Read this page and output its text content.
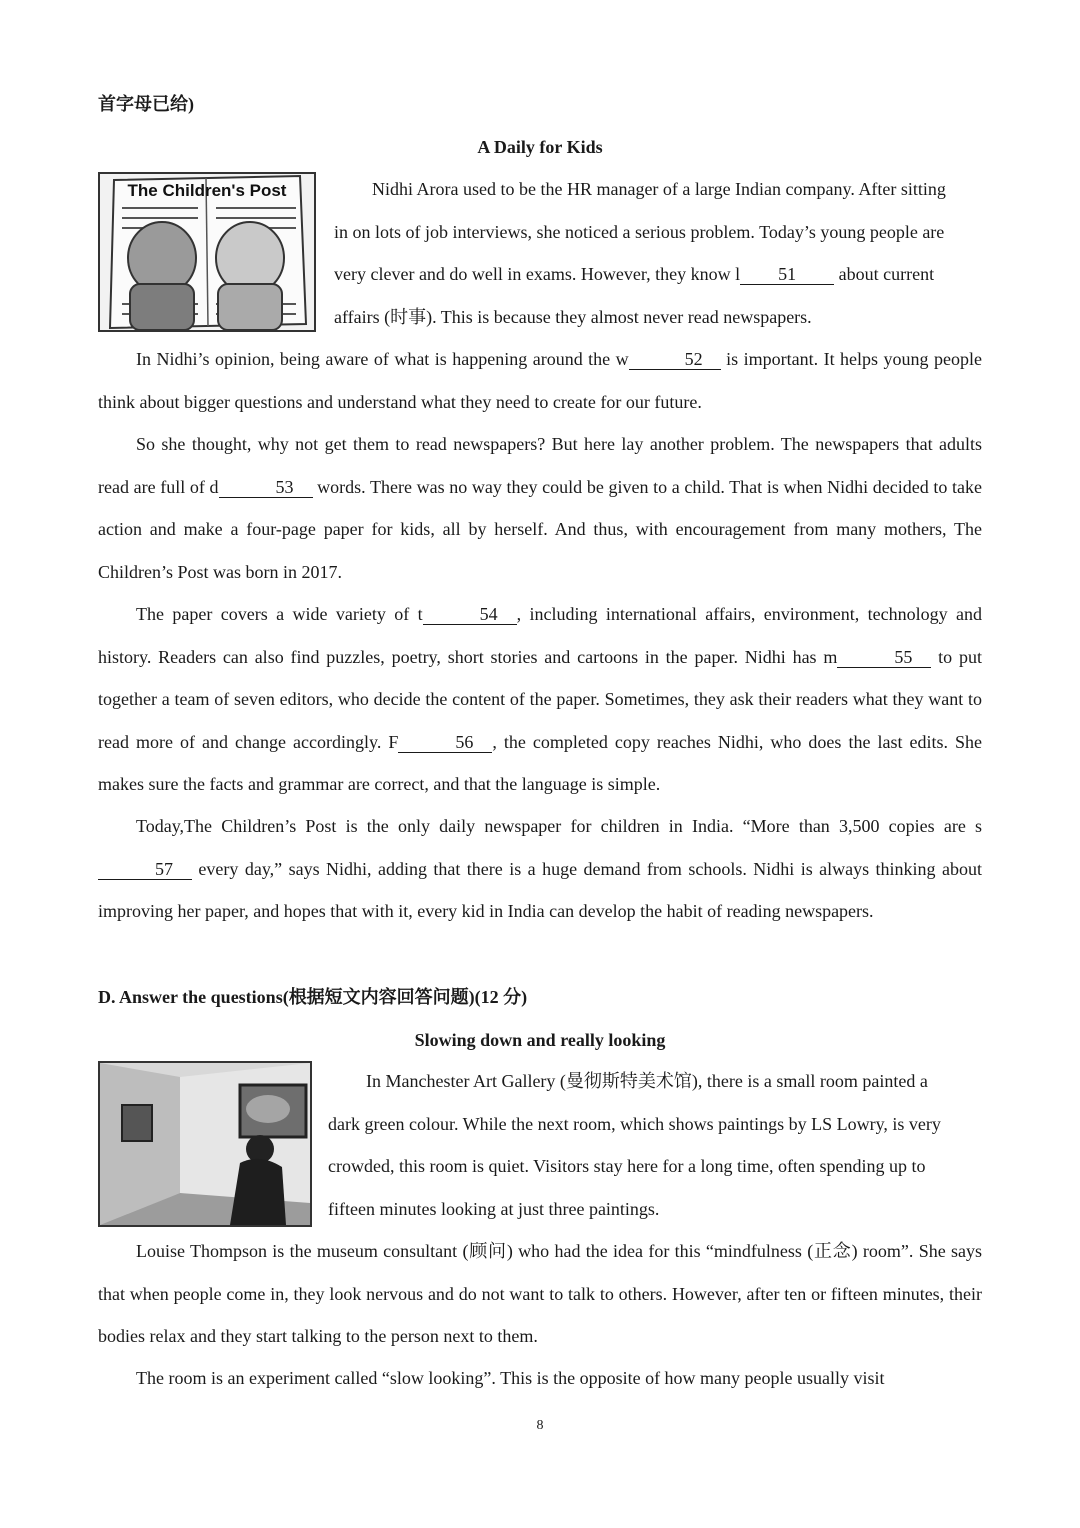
首字母已给)
A Daily for Kids
The Children's Post	Nidhi Arora used to be the HR manager of a large Indian company. After sitting
in on lots of job interviews, she noticed a serious problem. Today’s young people are
very clever and do well in exams. However, they know l 51 about current
affairs (时事). This is because they almost never read newspapers.

In Nidhi’s opinion, being aware of what is happening around the w	52 is important. It helps young people think about bigger questions and understand what they need to create for our future.

So she thought, why not get them to read newspapers? But here lay another problem. The newspapers that adults read are full of d	53 words. There was no way they could be given to a child. That is when Nidhi decided to take action and make a four-page paper for kids, all by herself. And thus, with encouragement from many mothers, The Children’s Post was born in 2017.

The paper covers a wide variety of t	54 , including international affairs, environment, technology and history. Readers can also find puzzles, poetry, short stories and cartoons in the paper. Nidhi has m	55 to put together a team of seven editors, who decide the content of the paper. Sometimes, they ask their readers what they want to read more of and change accordingly. F	56 , the completed copy reaches Nidhi, who does the last edits. She makes sure the facts and grammar are correct, and that the language is simple.

Today,The Children’s Post is the only daily newspaper for children in India. “More than 3,500 copies are s57 every day,” says Nidhi, adding that there is a huge demand from schools. Nidhi is always thinking about improving her paper, and hopes that with it, every kid in India can develop the habit of reading newspapers.

D. Answer the questions(根据短文内容回答问题)(12 分)
Slowing down and really looking
In Manchester Art Gallery (曼彻斯特美术馆), there is a small room painted a
dark green colour. While the next room, which shows paintings by LS Lowry, is very
crowded, this room is quiet. Visitors stay here for a long time, often spending up to
fifteen minutes looking at just three paintings.

Louise Thompson is the museum consultant (顾问) who had the idea for this “mindfulness (正念) room”. She says that when people come in, they look nervous and do not want to talk to others. However, after ten or fifteen minutes, their bodies relax and they start talking to the person next to them.

The room is an experiment called “slow looking”. This is the opposite of how many people usually visit

8
